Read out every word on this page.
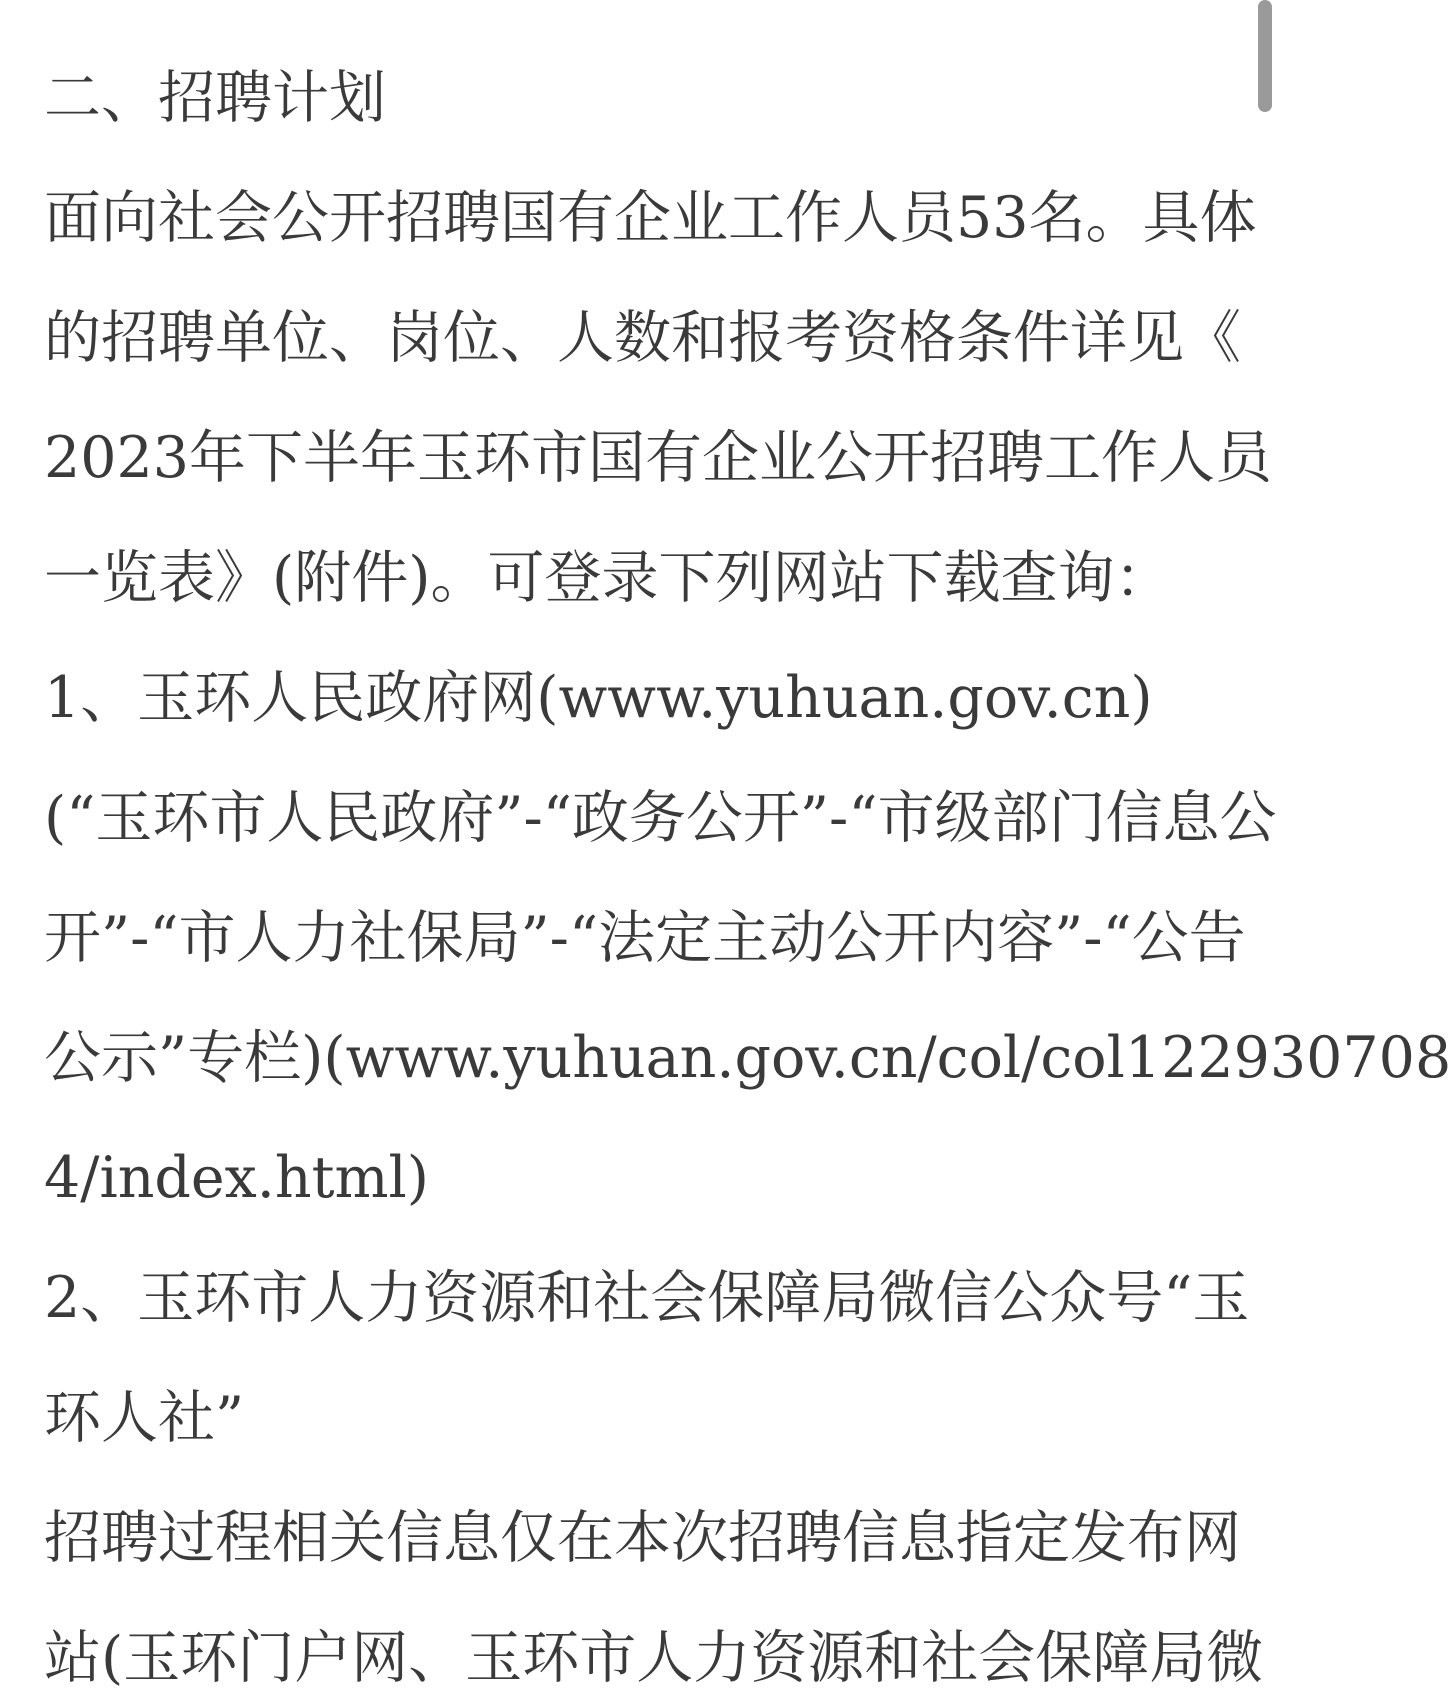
二、招聘计划
面向社会公开招聘国有企业工作人员53名。具体
的招聘单位、岗位、人数和报考资格条件详见《
2023年下半年玉环市国有企业公开招聘工作人员
一览表》(附件)。可登录下列网站下载查询：
1、玉环人民政府网(www.yuhuan.gov.cn)
(“玉环市人民政府”-“政务公开”-“市级部门信息公
开”-“市人力社保局”-“法定主动公开内容”-“公告
公示”专栏)(www.yuhuan.gov.cn/col/col122930708
4/index.html)
2、玉环市人力资源和社会保障局微信公众号“玉
环人社”
招聘过程相关信息仅在本次招聘信息指定发布网
站(玉环门户网、玉环市人力资源和社会保障局微
